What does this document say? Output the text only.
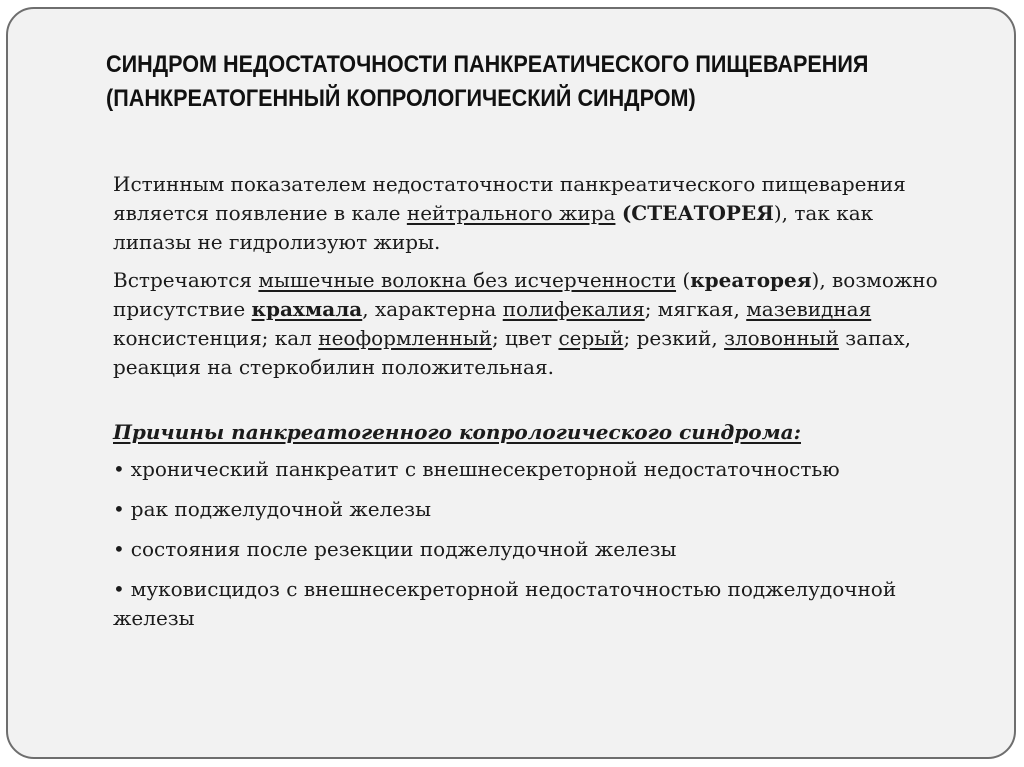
СИНДРОМ НЕДОСТАТОЧНОСТИ ПАНКРЕАТИЧЕСКОГО ПИЩЕВАРЕНИЯ
(ПАНКРЕАТОГЕННЫЙ КОПРОЛОГИЧЕСКИЙ СИНДРОМ)

Истинным показателем недостаточности панкреатического пищеварения является появление в кале нейтрального жира (СТЕАТОРЕЯ), так как липазы не гидролизуют жиры.

Встречаются мышечные волокна без исчерченности (креаторея), возможно присутствие крахмала, характерна полифекалия; мягкая, мазевидная консистенция; кал неоформленный; цвет серый; резкий, зловонный запах, реакция на стеркобилин положительная.

Причины панкреатогенного копрологического синдрома:
• хронический панкреатит с внешнесекреторной недостаточностью
• рак поджелудочной железы
• состояния после резекции поджелудочной железы
• муковисцидоз с внешнесекреторной недостаточностью поджелудочной железы
